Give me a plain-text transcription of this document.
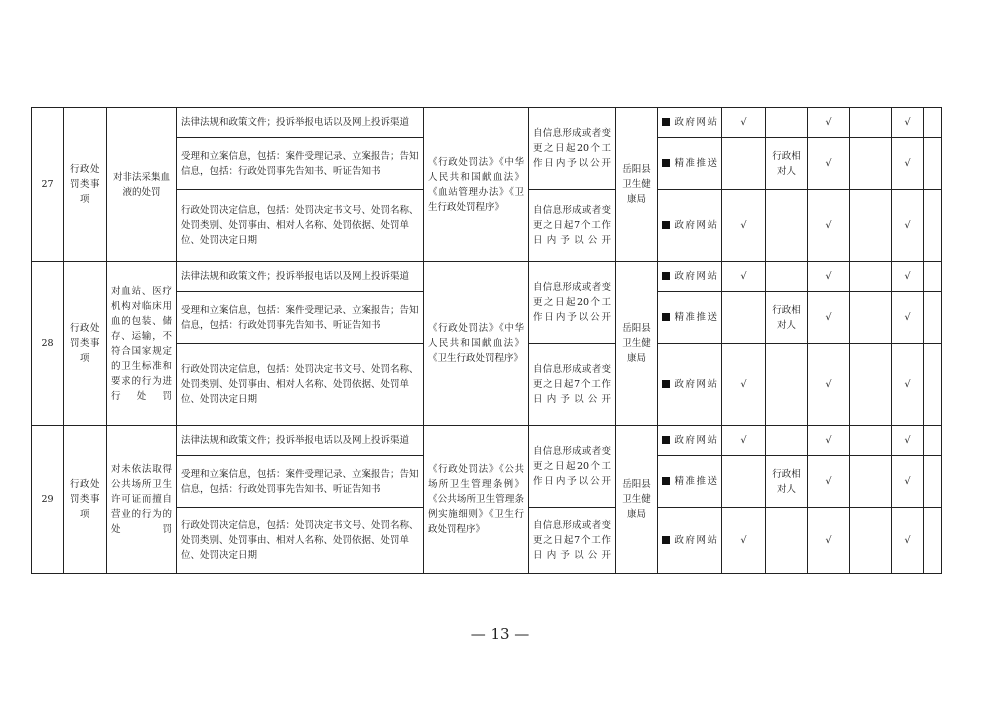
27	行政处罚类事项	对非法采集血液的处罚	法律法规和政策文件；投诉举报电话以及网上投诉渠道	《行政处罚法》《中华人民共和国献血法》《血站管理办法》《卫生行政处罚程序》	自信息形成或者变更之日起20个工作日内予以公开	岳阳县卫生健康局	政府网站	√		√		√	
			受理和立案信息，包括：案件受理记录、立案报告；告知信息，包括：行政处罚事先告知书、听证告知书				精准推送		行政相对人	√		√	
			行政处罚决定信息，包括：处罚决定书文号、处罚名称、处罚类别、处罚事由、相对人名称、处罚依据、处罚单位、处罚决定日期		自信息形成或者变更之日起7个工作日内予以公开		政府网站	√		√		√	
28	行政处罚类事项	对血站、医疗机构对临床用血的包装、储存、运输，不符合国家规定的卫生标准和要求的行为进行处罚	法律法规和政策文件；投诉举报电话以及网上投诉渠道	《行政处罚法》《中华人民共和国献血法》《卫生行政处罚程序》	自信息形成或者变更之日起20个工作日内予以公开	岳阳县卫生健康局	政府网站	√		√		√	
			受理和立案信息，包括：案件受理记录、立案报告；告知信息，包括：行政处罚事先告知书、听证告知书				精准推送		行政相对人	√		√	
			行政处罚决定信息，包括：处罚决定书文号、处罚名称、处罚类别、处罚事由、相对人名称、处罚依据、处罚单位、处罚决定日期		自信息形成或者变更之日起7个工作日内予以公开		政府网站	√		√		√	
29	行政处罚类事项	对未依法取得公共场所卫生许可证而擅自营业的行为的处罚	法律法规和政策文件；投诉举报电话以及网上投诉渠道	《行政处罚法》《公共场所卫生管理条例》《公共场所卫生管理条例实施细则》《卫生行政处罚程序》	自信息形成或者变更之日起20个工作日内予以公开	岳阳县卫生健康局	政府网站	√		√		√	
			受理和立案信息，包括：案件受理记录、立案报告；告知信息，包括：行政处罚事先告知书、听证告知书				精准推送		行政相对人	√		√	
			行政处罚决定信息，包括：处罚决定书文号、处罚名称、处罚类别、处罚事由、相对人名称、处罚依据、处罚单位、处罚决定日期		自信息形成或者变更之日起7个工作日内予以公开		政府网站	√		√		√	
— 13 —
